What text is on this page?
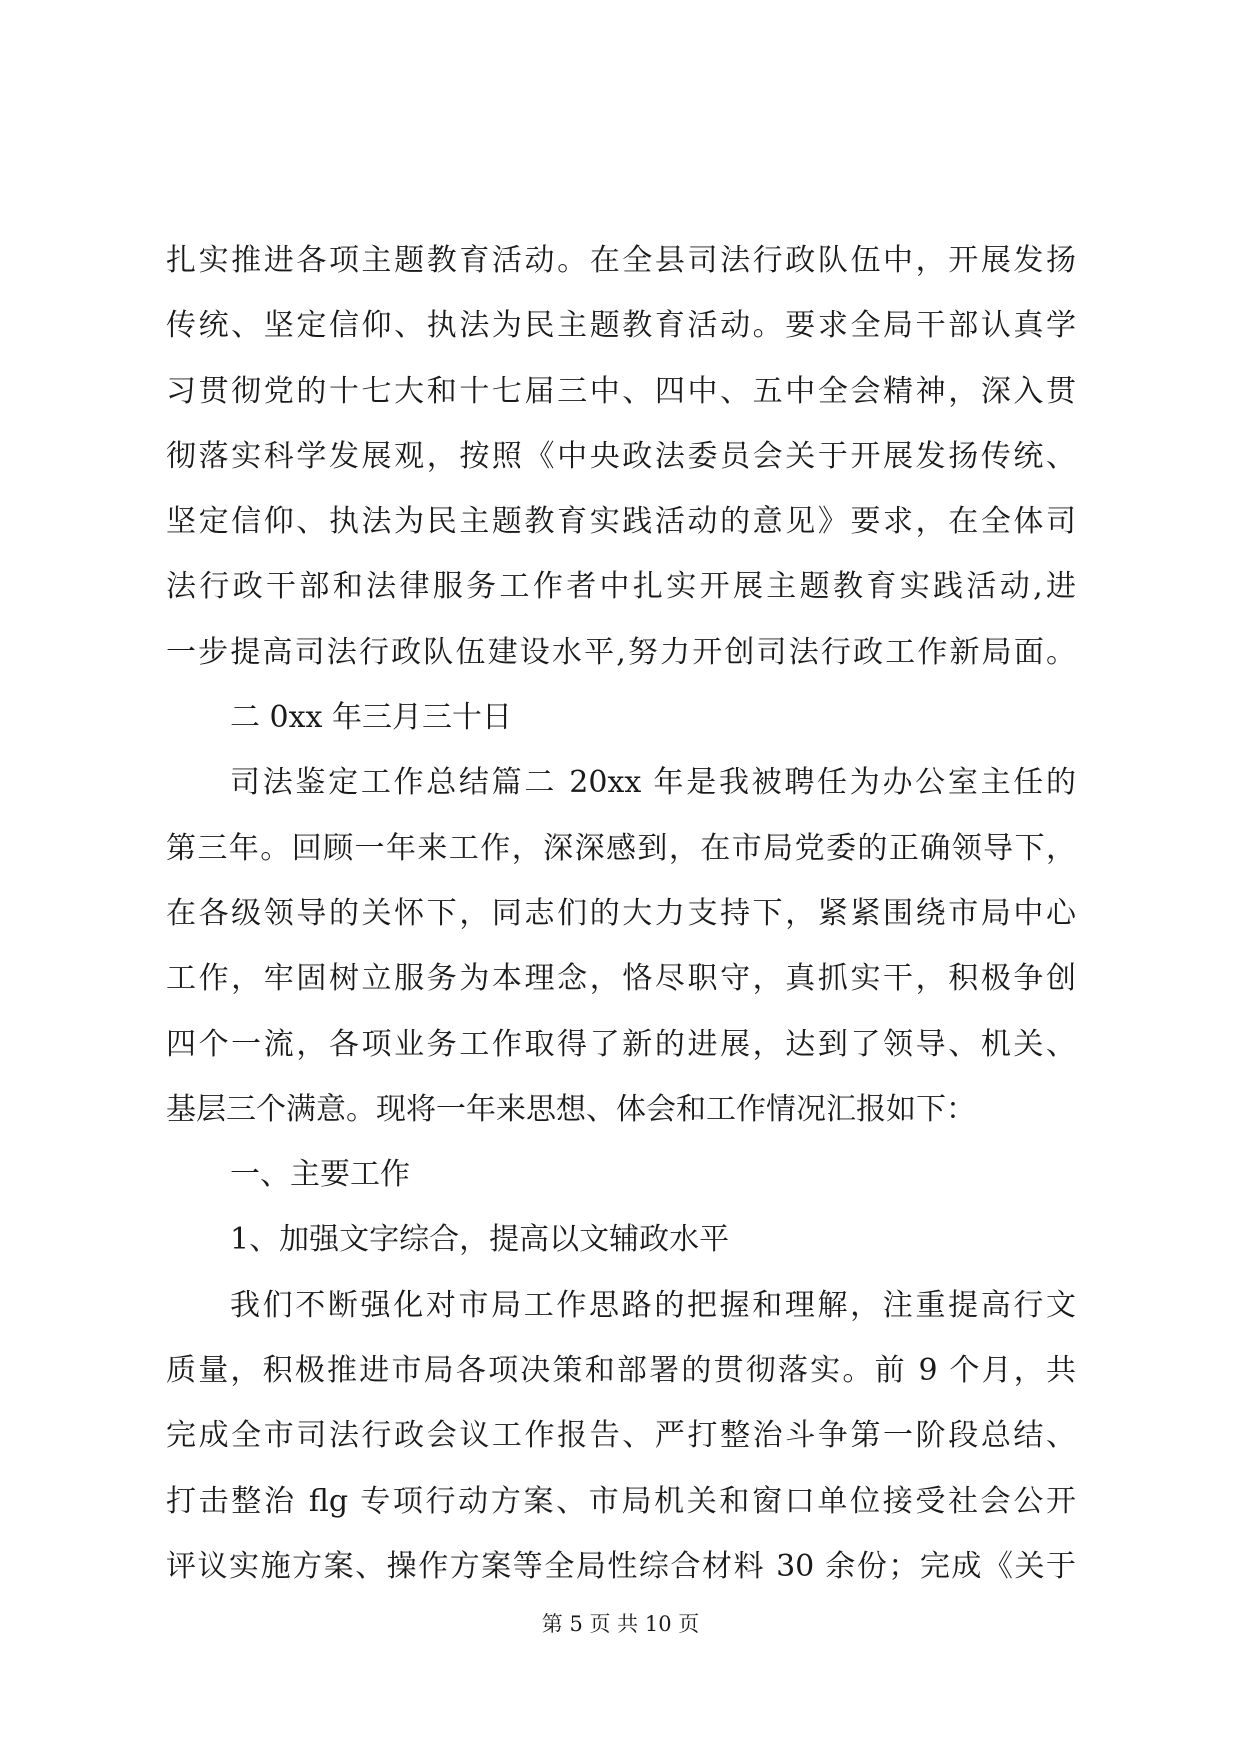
扎实推进各项主题教育活动。在全县司法行政队伍中，开展发扬
传统、坚定信仰、执法为民主题教育活动。要求全局干部认真学
习贯彻党的十七大和十七届三中、四中、五中全会精神，深入贯
彻落实科学发展观，按照《中央政法委员会关于开展发扬传统、
坚定信仰、执法为民主题教育实践活动的意见》要求，在全体司
法行政干部和法律服务工作者中扎实开展主题教育实践活动,进
一步提高司法行政队伍建设水平,努力开创司法行政工作新局面。
二 0xx 年三月三十日
司法鉴定工作总结篇二 20xx 年是我被聘任为办公室主任的
第三年。回顾一年来工作，深深感到，在市局党委的正确领导下，
在各级领导的关怀下，同志们的大力支持下，紧紧围绕市局中心
工作，牢固树立服务为本理念，恪尽职守，真抓实干，积极争创
四个一流，各项业务工作取得了新的进展，达到了领导、机关、
基层三个满意。现将一年来思想、体会和工作情况汇报如下：
一、主要工作
1、加强文字综合，提高以文辅政水平
我们不断强化对市局工作思路的把握和理解，注重提高行文
质量，积极推进市局各项决策和部署的贯彻落实。前 9 个月，共
完成全市司法行政会议工作报告、严打整治斗争第一阶段总结、
打击整治 flg 专项行动方案、市局机关和窗口单位接受社会公开
评议实施方案、操作方案等全局性综合材料 30 余份；完成《关于
第 5 页 共 10 页
